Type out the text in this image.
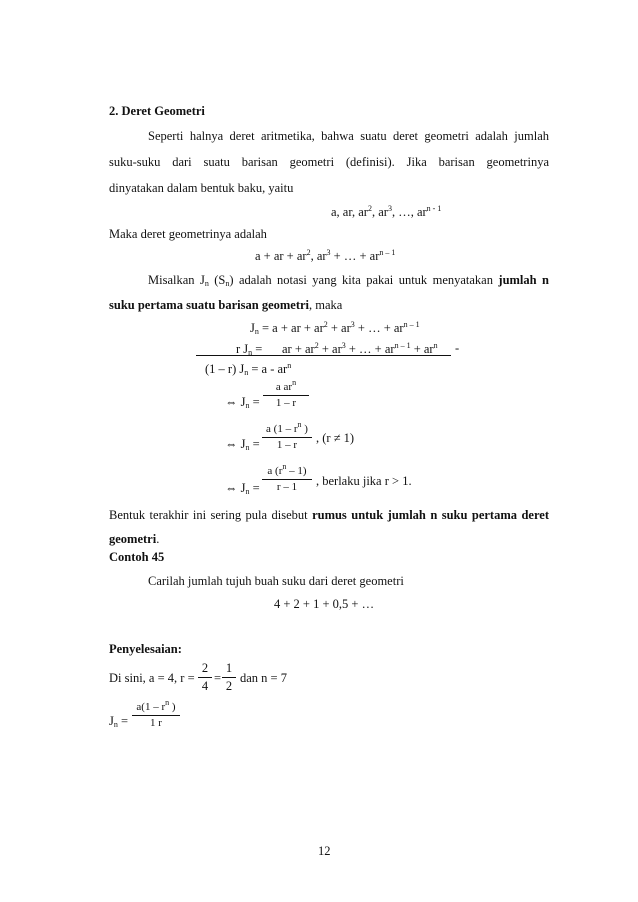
2. Deret Geometri
Seperti halnya deret aritmetika, bahwa suatu deret geometri adalah jumlah
suku-suku dari suatu barisan geometri (definisi). Jika barisan geometrinya
dinyatakan dalam bentuk baku, yaitu
a, ar, $ar^2$, $ar^3$, …, $ar^{n - 1}$
Maka deret geometrinya adalah
a + ar + $ar^2$, $ar^3$ + … + $ar^{n - 1}$
Misalkan $J_n$ $(S_n)$ adalah notasi yang kita pakai untuk menyatakan jumlah n
suku pertama suatu barisan geometri, maka
$J_n = a$ + ar + $ar^2 + ar^3$ + … + $ar^{n - 1}$
r $J_n$ = ar + $ar^2 + ar^3$ + … + $ar^{n - 1} + ar^n$ -
(1 – r) $J_n = a - ar^n$
⇔ $J_n$ =
a $ar^n$
1 – r
⇔ $J_n$ =
a ($1 - r^n$ )
1 – r	, (r ≠ 1)
⇔ $J_n$ =
a $(r^n - 1)$
r – 1	, berlaku jika r > 1.
Bentuk terakhir ini sering pula disebut rumus untuk jumlah n suku pertama deret
geometri.
Contoh 45
Carilah jumlah tujuh buah suku dari deret geometri
4 + 2 + 1 + 0,5 + …
Penyelesaian:
Di sini, a = 4, r =
2
4
=
1
2
dan n = 7
$J_n$ =
$a(1 - r^n$ )
1 r
12
